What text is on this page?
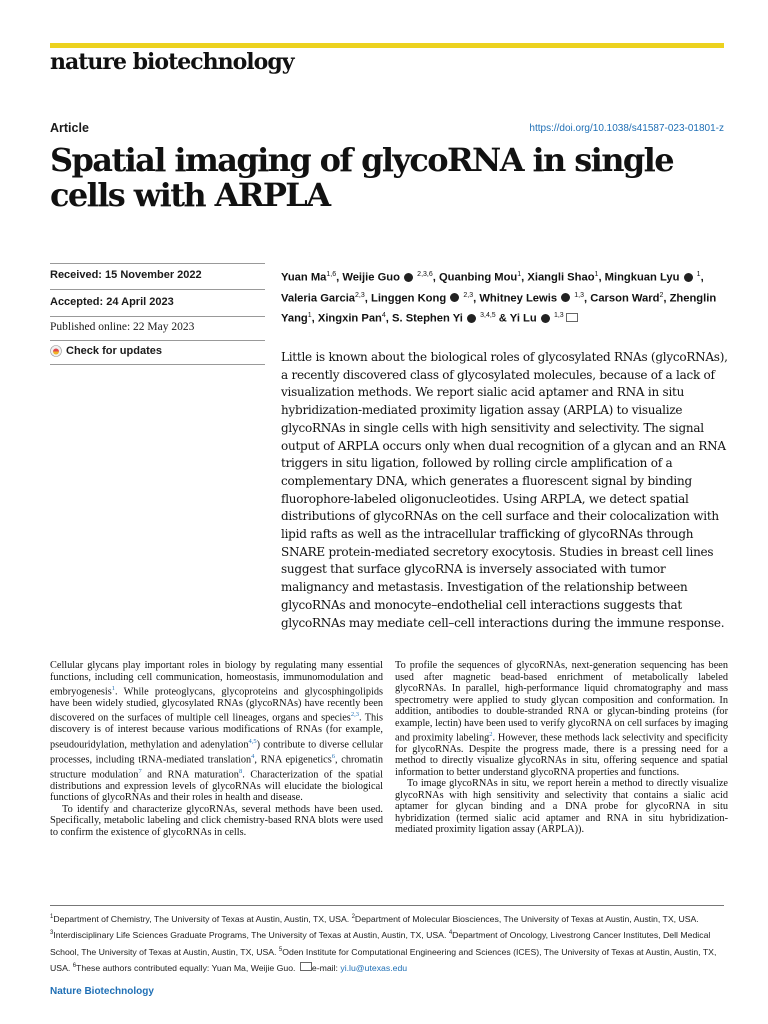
nature biotechnology
Article	https://doi.org/10.1038/s41587-023-01801-z
Spatial imaging of glycoRNA in single cells with ARPLA
Received: 15 November 2022
Accepted: 24 April 2023
Published online: 22 May 2023
Check for updates
Yuan Ma$^{1,6}$, Weijie Guo $^{2,3,6}$, Quanbing Mou$^1$, Xiangli Shao$^1$, Mingkuan Lyu $^1$, Valeria Garcia$^{2,3}$, Linggen Kong $^{2,3}$, Whitney Lewis $^{1,3}$, Carson Ward$^2$, Zhenglin Yang$^1$, Xingxin Pan$^4$, S. Stephen Yi $^{3,4,5}$ & Yi Lu $^{1,3}$
Little is known about the biological roles of glycosylated RNAs (glycoRNAs), a recently discovered class of glycosylated molecules, because of a lack of visualization methods. We report sialic acid aptamer and RNA in situ hybridization-mediated proximity ligation assay (ARPLA) to visualize glycoRNAs in single cells with high sensitivity and selectivity. The signal output of ARPLA occurs only when dual recognition of a glycan and an RNA triggers in situ ligation, followed by rolling circle amplification of a complementary DNA, which generates a fluorescent signal by binding fluorophore-labeled oligonucleotides. Using ARPLA, we detect spatial distributions of glycoRNAs on the cell surface and their colocalization with lipid rafts as well as the intracellular trafficking of glycoRNAs through SNARE protein-mediated secretory exocytosis. Studies in breast cell lines suggest that surface glycoRNA is inversely associated with tumor malignancy and metastasis. Investigation of the relationship between glycoRNAs and monocyte–endothelial cell interactions suggests that glycoRNAs may mediate cell–cell interactions during the immune response.

Cellular glycans play important roles in biology by regulating many essential functions, including cell communication, homeostasis, immunomodulation and embryogenesis$^1$. While proteoglycans, glycoproteins and glycosphingolipids have been widely studied, glycosylated RNAs (glycoRNAs) have recently been discovered on the surfaces of multiple cell lineages, organs and species$^{2,3}$. This discovery is of interest because various modifications of RNAs (for example, pseudouridylation, methylation and adenylation$^{4,5}$) contribute to diverse cellular processes, including tRNA-mediated translation$^4$, RNA epigenetics$^6$, chromatin structure modulation$^7$ and RNA maturation$^8$. Characterization of the spatial distributions and expression levels of glycoRNAs will elucidate the biological functions of glycoRNAs and their roles in health and disease.

To identify and characterize glycoRNAs, several methods have been used. Specifically, metabolic labeling and click chemistry-based RNA blots were used to confirm the existence of glycoRNAs in cells.

To profile the sequences of glycoRNAs, next-generation sequencing has been used after magnetic bead-based enrichment of metabolically labeled glycoRNAs. In parallel, high-performance liquid chromatography and mass spectrometry were applied to study glycan composition and conformation. In addition, antibodies to double-stranded RNA or glycan-binding proteins (for example, lectin) have been used to verify glycoRNA on cell surfaces by imaging and proximity labeling$^2$. However, these methods lack selectivity and specificity for glycoRNAs. Despite the progress made, there is a pressing need for a method to directly visualize glycoRNAs in situ, offering sequence and spatial information to better understand glycoRNA properties and functions.

To image glycoRNAs in situ, we report herein a method to directly visualize glycoRNAs with high sensitivity and selectivity that contains a sialic acid aptamer for glycan binding and a DNA probe for glycoRNA in situ hybridization (termed sialic acid aptamer and RNA in situ hybridization-mediated proximity ligation assay (ARPLA)).

$^1$Department of Chemistry, The University of Texas at Austin, Austin, TX, USA. $^2$Department of Molecular Biosciences, The University of Texas at Austin, Austin, TX, USA. $^3$Interdisciplinary Life Sciences Graduate Programs, The University of Texas at Austin, Austin, TX, USA. $^4$Department of Oncology, Livestrong Cancer Institutes, Dell Medical School, The University of Texas at Austin, Austin, TX, USA. $^5$Oden Institute for Computational Engineering and Sciences (ICES), The University of Texas at Austin, Austin, TX, USA. $^6$These authors contributed equally: Yuan Ma, Weijie Guo. e-mail: yi.lu@utexas.edu
Nature Biotechnology
